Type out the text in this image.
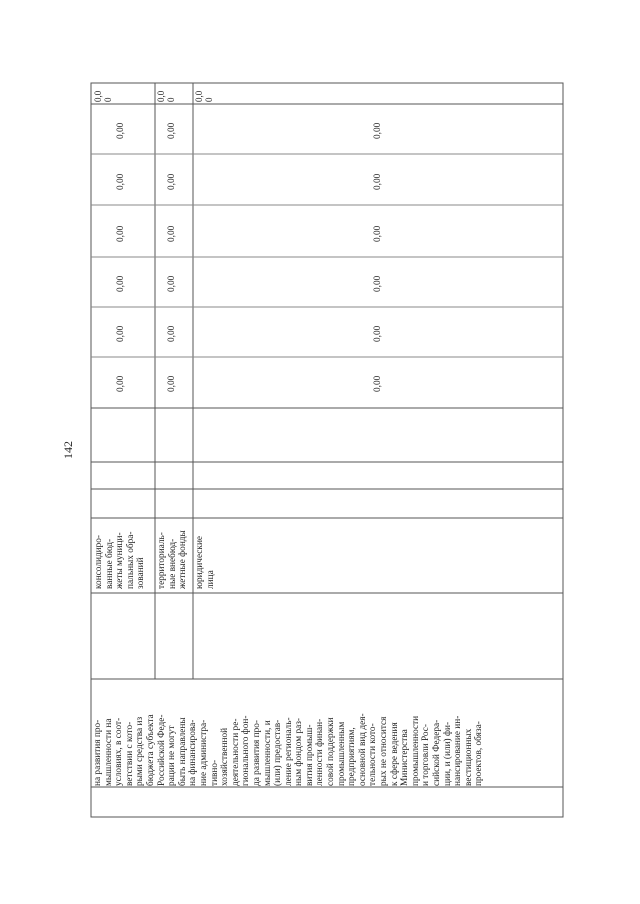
142
на развития про-
мышленности на
условиях, в соот-
ветствии с кото-
рыми средства из
бюджета субъекта
Российской Феде-
рации не могут
быть направлены
на финансирова-
ние администра-
тивно-
хозяйственной
деятельности ре-
гионального фон-
да развития про-
мышленности, и
(или) предостав-
ление региональ-
ным фондом раз-
вития промыш-
ленности финан-
совой поддержки
промышленным
предприятиям,
основной вид дея-
тельности кото-
рых не относится
к сфере ведения
Министерства
промышленности
и торговли Рос-
сийской Федера-
ции, и (или) фи-
нансирование ин-
вестиционных
проектов, обяза-
консолидиро-
ванные бюд-
жеты муници-
пальных обра-
зований территориаль-
ные внебюд-
жетные фонды юридические
лица
0,00
0,00
0,00
0,00
0,00
0,00
0,00
0,00
0,00
0,00
0,00
0,00
0,00
0,00
0,00
0,00
0,00
0,00
0,0
0	0,0
0 0,0
0
